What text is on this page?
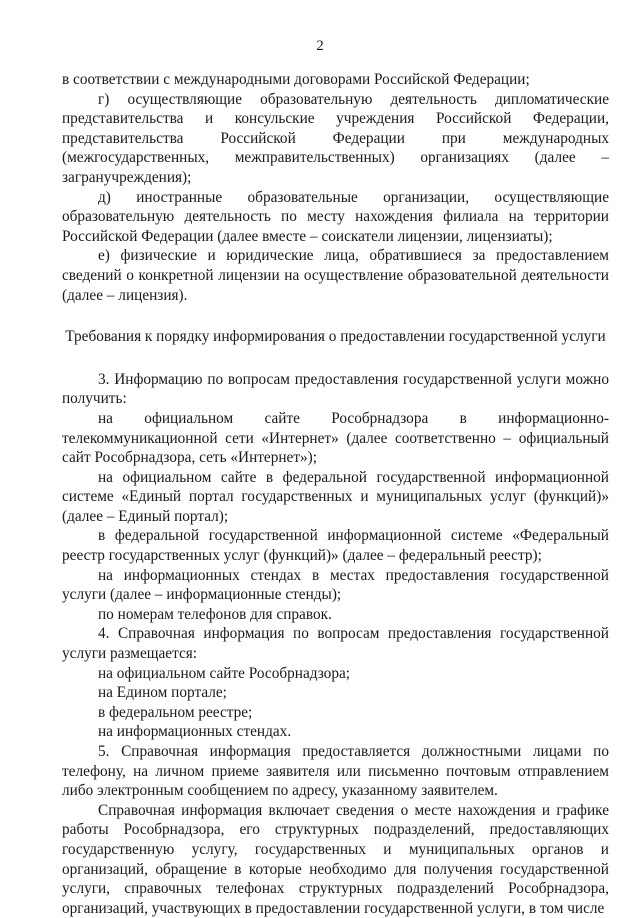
2

в соответствии с международными договорами Российской Федерации;

г) осуществляющие образовательную деятельность дипломатические представительства и консульские учреждения Российской Федерации, представительства Российской Федерации при международных (межгосударственных, межправительственных) организациях (далее – загранучреждения);

д) иностранные образовательные организации, осуществляющие образовательную деятельность по месту нахождения филиала на территории Российской Федерации (далее вместе – соискатели лицензии, лицензиаты);

е) физические и юридические лица, обратившиеся за предоставлением сведений о конкретной лицензии на осуществление образовательной деятельности (далее – лицензия).

Требования к порядку информирования о предоставлении государственной услуги

3. Информацию по вопросам предоставления государственной услуги можно получить:

на официальном сайте Рособрнадзора в информационно-телекоммуникационной сети «Интернет» (далее соответственно – официальный сайт Рособрнадзора, сеть «Интернет»);

на официальном сайте в федеральной государственной информационной системе «Единый портал государственных и муниципальных услуг (функций)» (далее – Единый портал);

в федеральной государственной информационной системе «Федеральный реестр государственных услуг (функций)» (далее – федеральный реестр);

на информационных стендах в местах предоставления государственной услуги (далее – информационные стенды);

по номерам телефонов для справок.

4. Справочная информация по вопросам предоставления государственной услуги размещается:

на официальном сайте Рособрнадзора;

на Едином портале;

в федеральном реестре;

на информационных стендах.

5. Справочная информация предоставляется должностными лицами по телефону, на личном приеме заявителя или письменно почтовым отправлением либо электронным сообщением по адресу, указанному заявителем.

Справочная информация включает сведения о месте нахождения и графике работы Рособрнадзора, его структурных подразделений, предоставляющих государственную услугу, государственных и муниципальных органов и организаций, обращение в которые необходимо для получения государственной услуги, справочных телефонах структурных подразделений Рособрнадзора, организаций, участвующих в предоставлении государственной услуги, в том числе
